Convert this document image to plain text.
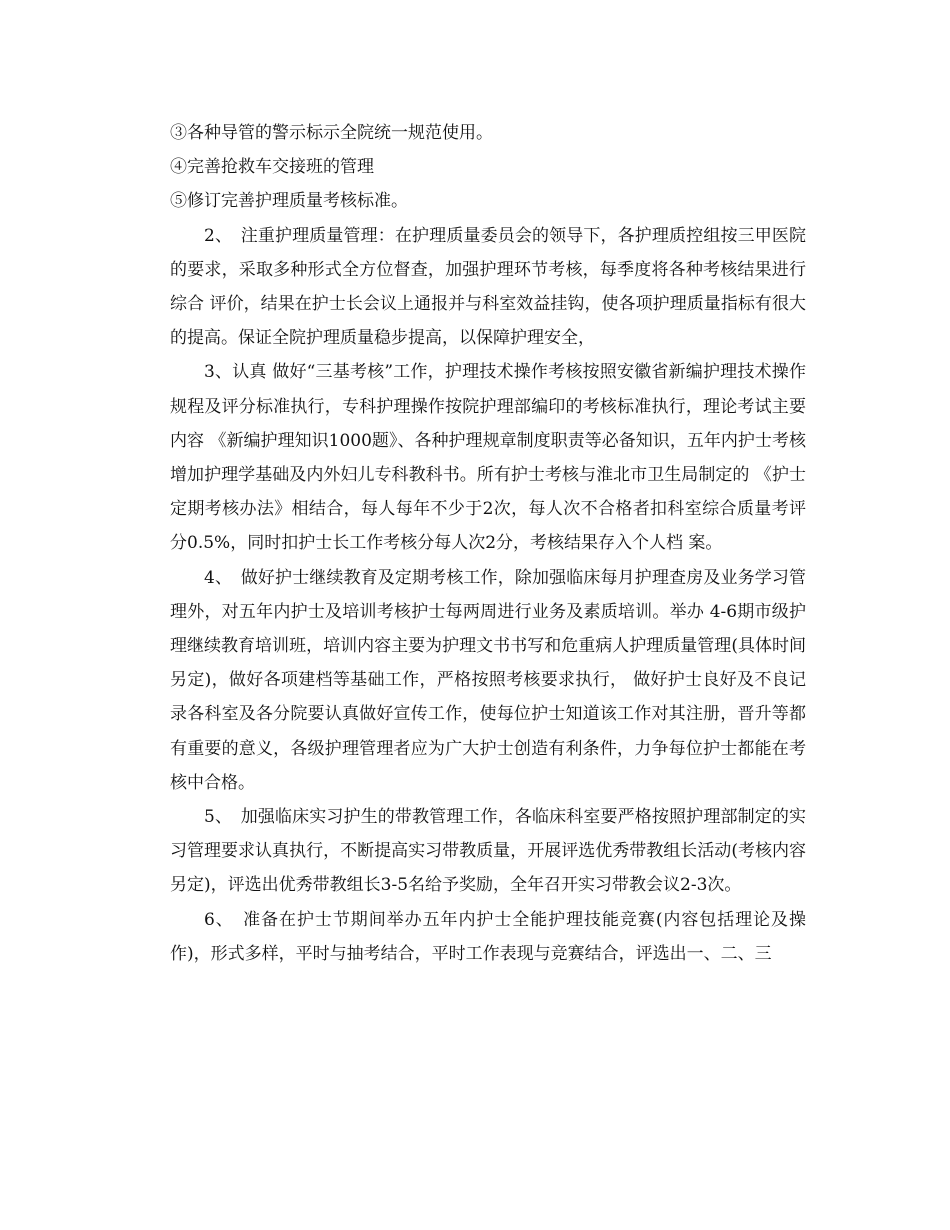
③各种导管的警示标示全院统一规范使用。

④完善抢救车交接班的管理

⑤修订完善护理质量考核标准。

2、　注重护理质量管理：在护理质量委员会的领导下，各护理质控组按三甲医院的要求，采取多种形式全方位督查，加强护理环节考核，每季度将各种考核结果进行综合 评价，结果在护士长会议上通报并与科室效益挂钩，使各项护理质量指标有很大的提高。保证全院护理质量稳步提高，以保障护理安全，

3、认真 做好“三基考核”工作，护理技术操作考核按照安徽省新编护理技术操作规程及评分标准执行，专科护理操作按院护理部编印的考核标准执行，理论考试主要内容 《新编护理知识1000题》、各种护理规章制度职责等必备知识，五年内护士考核增加护理学基础及内外妇儿专科教科书。所有护士考核与淮北市卫生局制定的 《护士定期考核办法》相结合，每人每年不少于2次，每人次不合格者扣科室综合质量考评分0.5%，同时扣护士长工作考核分每人次2分，考核结果存入个人档 案。

4、　做好护士继续教育及定期考核工作，除加强临床每月护理查房及业务学习管理外，对五年内护士及培训考核护士每两周进行业务及素质培训。举办 4-6期市级护理继续教育培训班，培训内容主要为护理文书书写和危重病人护理质量管理(具体时间另定)，做好各项建档等基础工作，严格按照考核要求执行， 做好护士良好及不良记录各科室及各分院要认真做好宣传工作，使每位护士知道该工作对其注册，晋升等都有重要的意义，各级护理管理者应为广大护士创造有利条件，力争每位护士都能在考核中合格。

5、　加强临床实习护生的带教管理工作，各临床科室要严格按照护理部制定的实习管理要求认真执行，不断提高实习带教质量，开展评选优秀带教组长活动(考核内容另定)，评选出优秀带教组长3-5名给予奖励，全年召开实习带教会议2-3次。

6、　准备在护士节期间举办五年内护士全能护理技能竞赛(内容包括理论及操作)，形式多样，平时与抽考结合，平时工作表现与竞赛结合，评选出一、二、三
